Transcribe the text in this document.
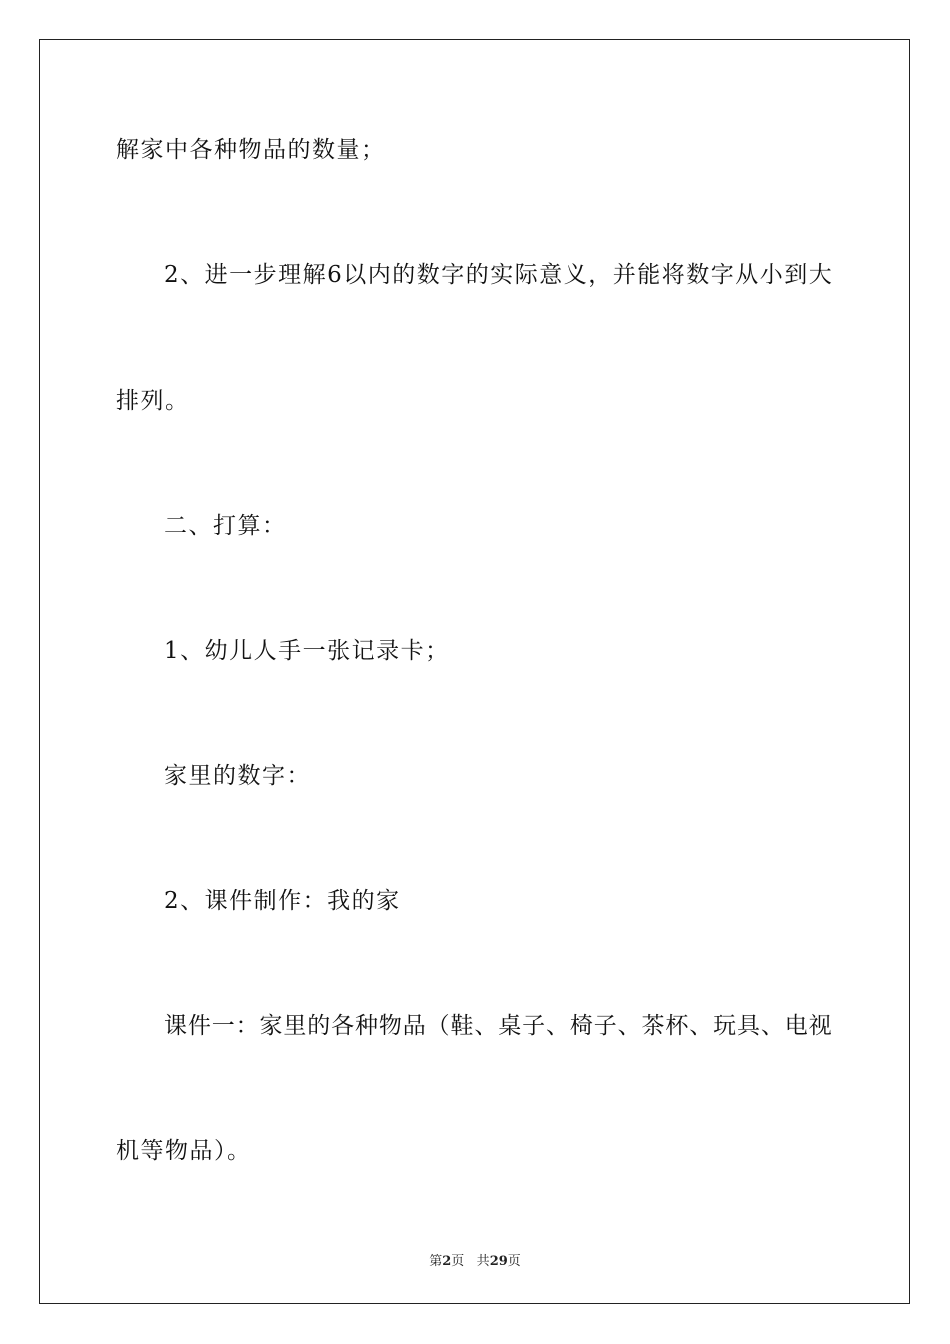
解家中各种物品的数量；
2 、 进 一 步 理 解 6 以 内 的 数 字 的 实 际 意 义 ， 并 能 将 数 字 从 小 到 大
排列。
二、打算：
1、幼儿人手一张记录卡；
家里的数字：
2、课件制作：我的家
课 件 一 ： 家 里 的 各 种 物 品 （ 鞋 、 桌 子 、 椅 子 、 茶 杯 、 玩 具 、 电 视
机等物品）。
第2页 共29页
